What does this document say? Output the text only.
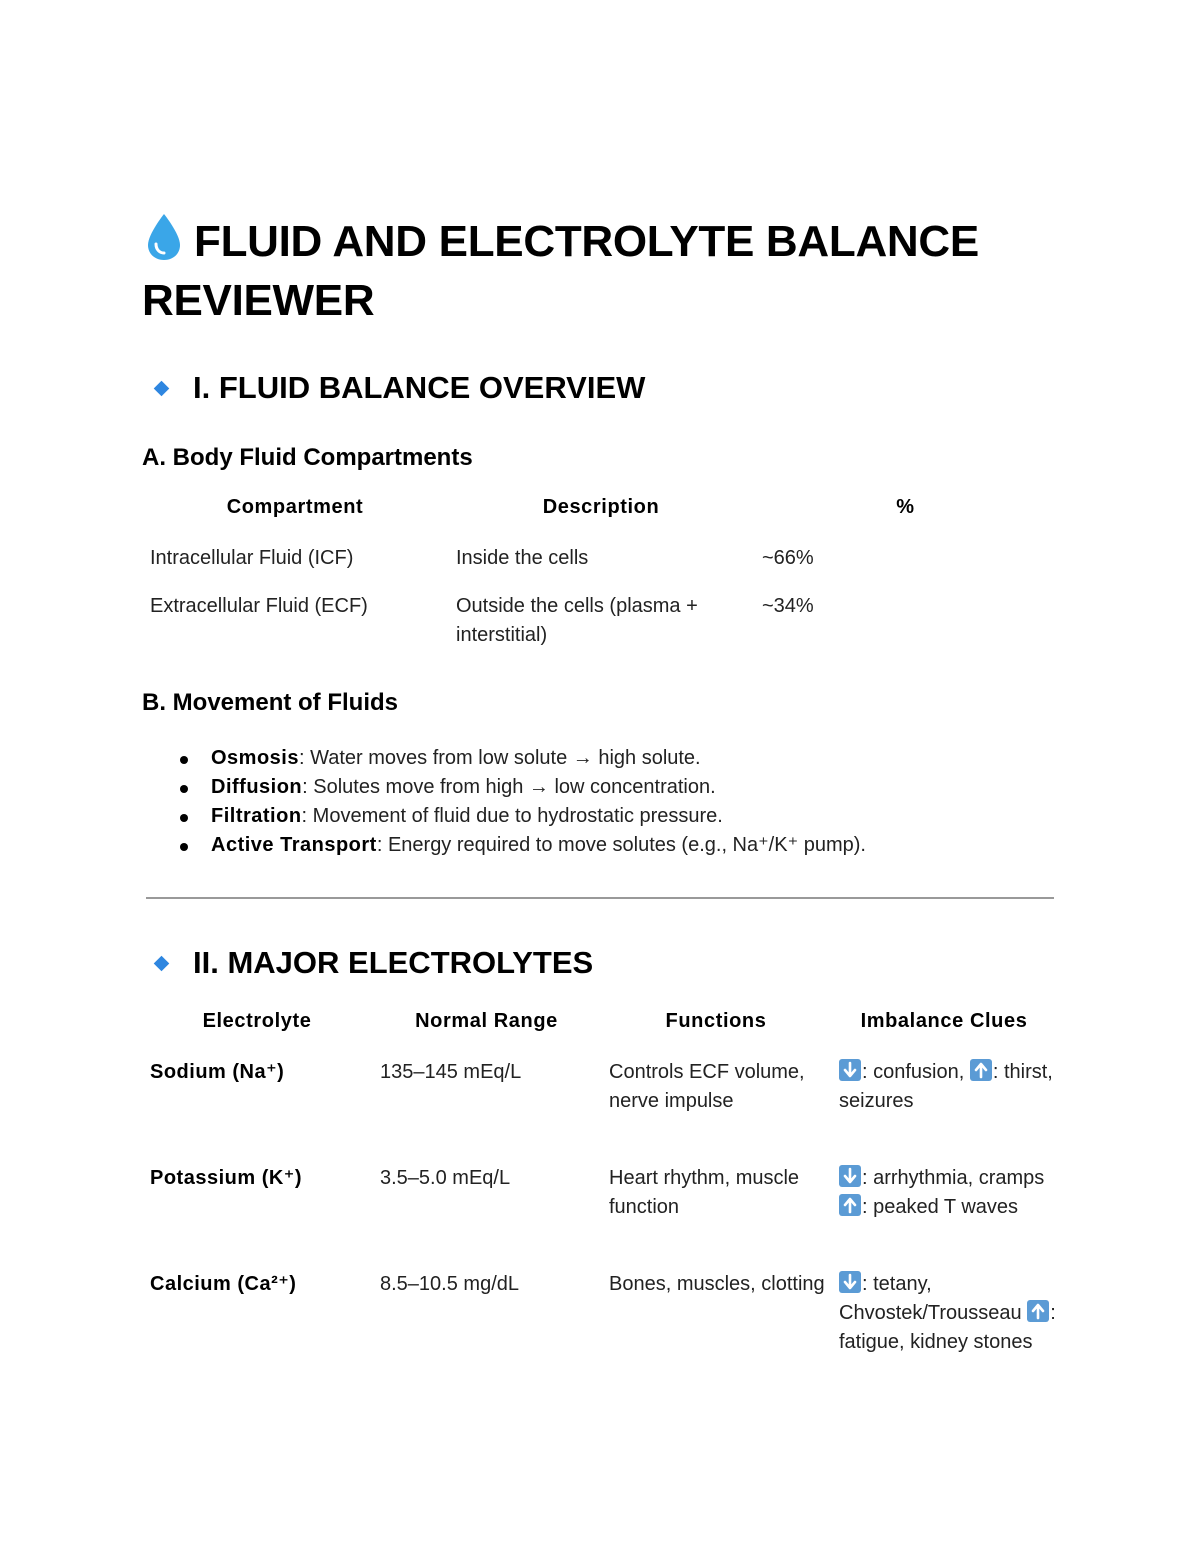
FLUID AND ELECTROLYTE BALANCE REVIEWER
I. FLUID BALANCE OVERVIEW
A. Body Fluid Compartments
Compartment	Description	%
Intracellular Fluid (ICF)	Inside the cells	~66%
Extracellular Fluid (ECF)	Outside the cells (plasma + interstitial)	~34%
B. Movement of Fluids
Osmosis: Water moves from low solute → high solute.
Diffusion: Solutes move from high → low concentration.
Filtration: Movement of fluid due to hydrostatic pressure.
Active Transport: Energy required to move solutes (e.g., Na⁺/K⁺ pump).
II. MAJOR ELECTROLYTES
Electrolyte	Normal Range	Functions	Imbalance Clues
Sodium (Na⁺)	135–145 mEq/L	Controls ECF volume, nerve impulse	: confusion,
: thirst, seizures
Potassium (K⁺)	3.5–5.0 mEq/L	Heart rhythm, muscle function	: arrhythmia, cramps
: peaked T waves
Calcium (Ca²⁺)	8.5–10.5 mg/dL	Bones, muscles, clotting	: tetany, Chvostek/Trousseau
: fatigue, kidney stones
